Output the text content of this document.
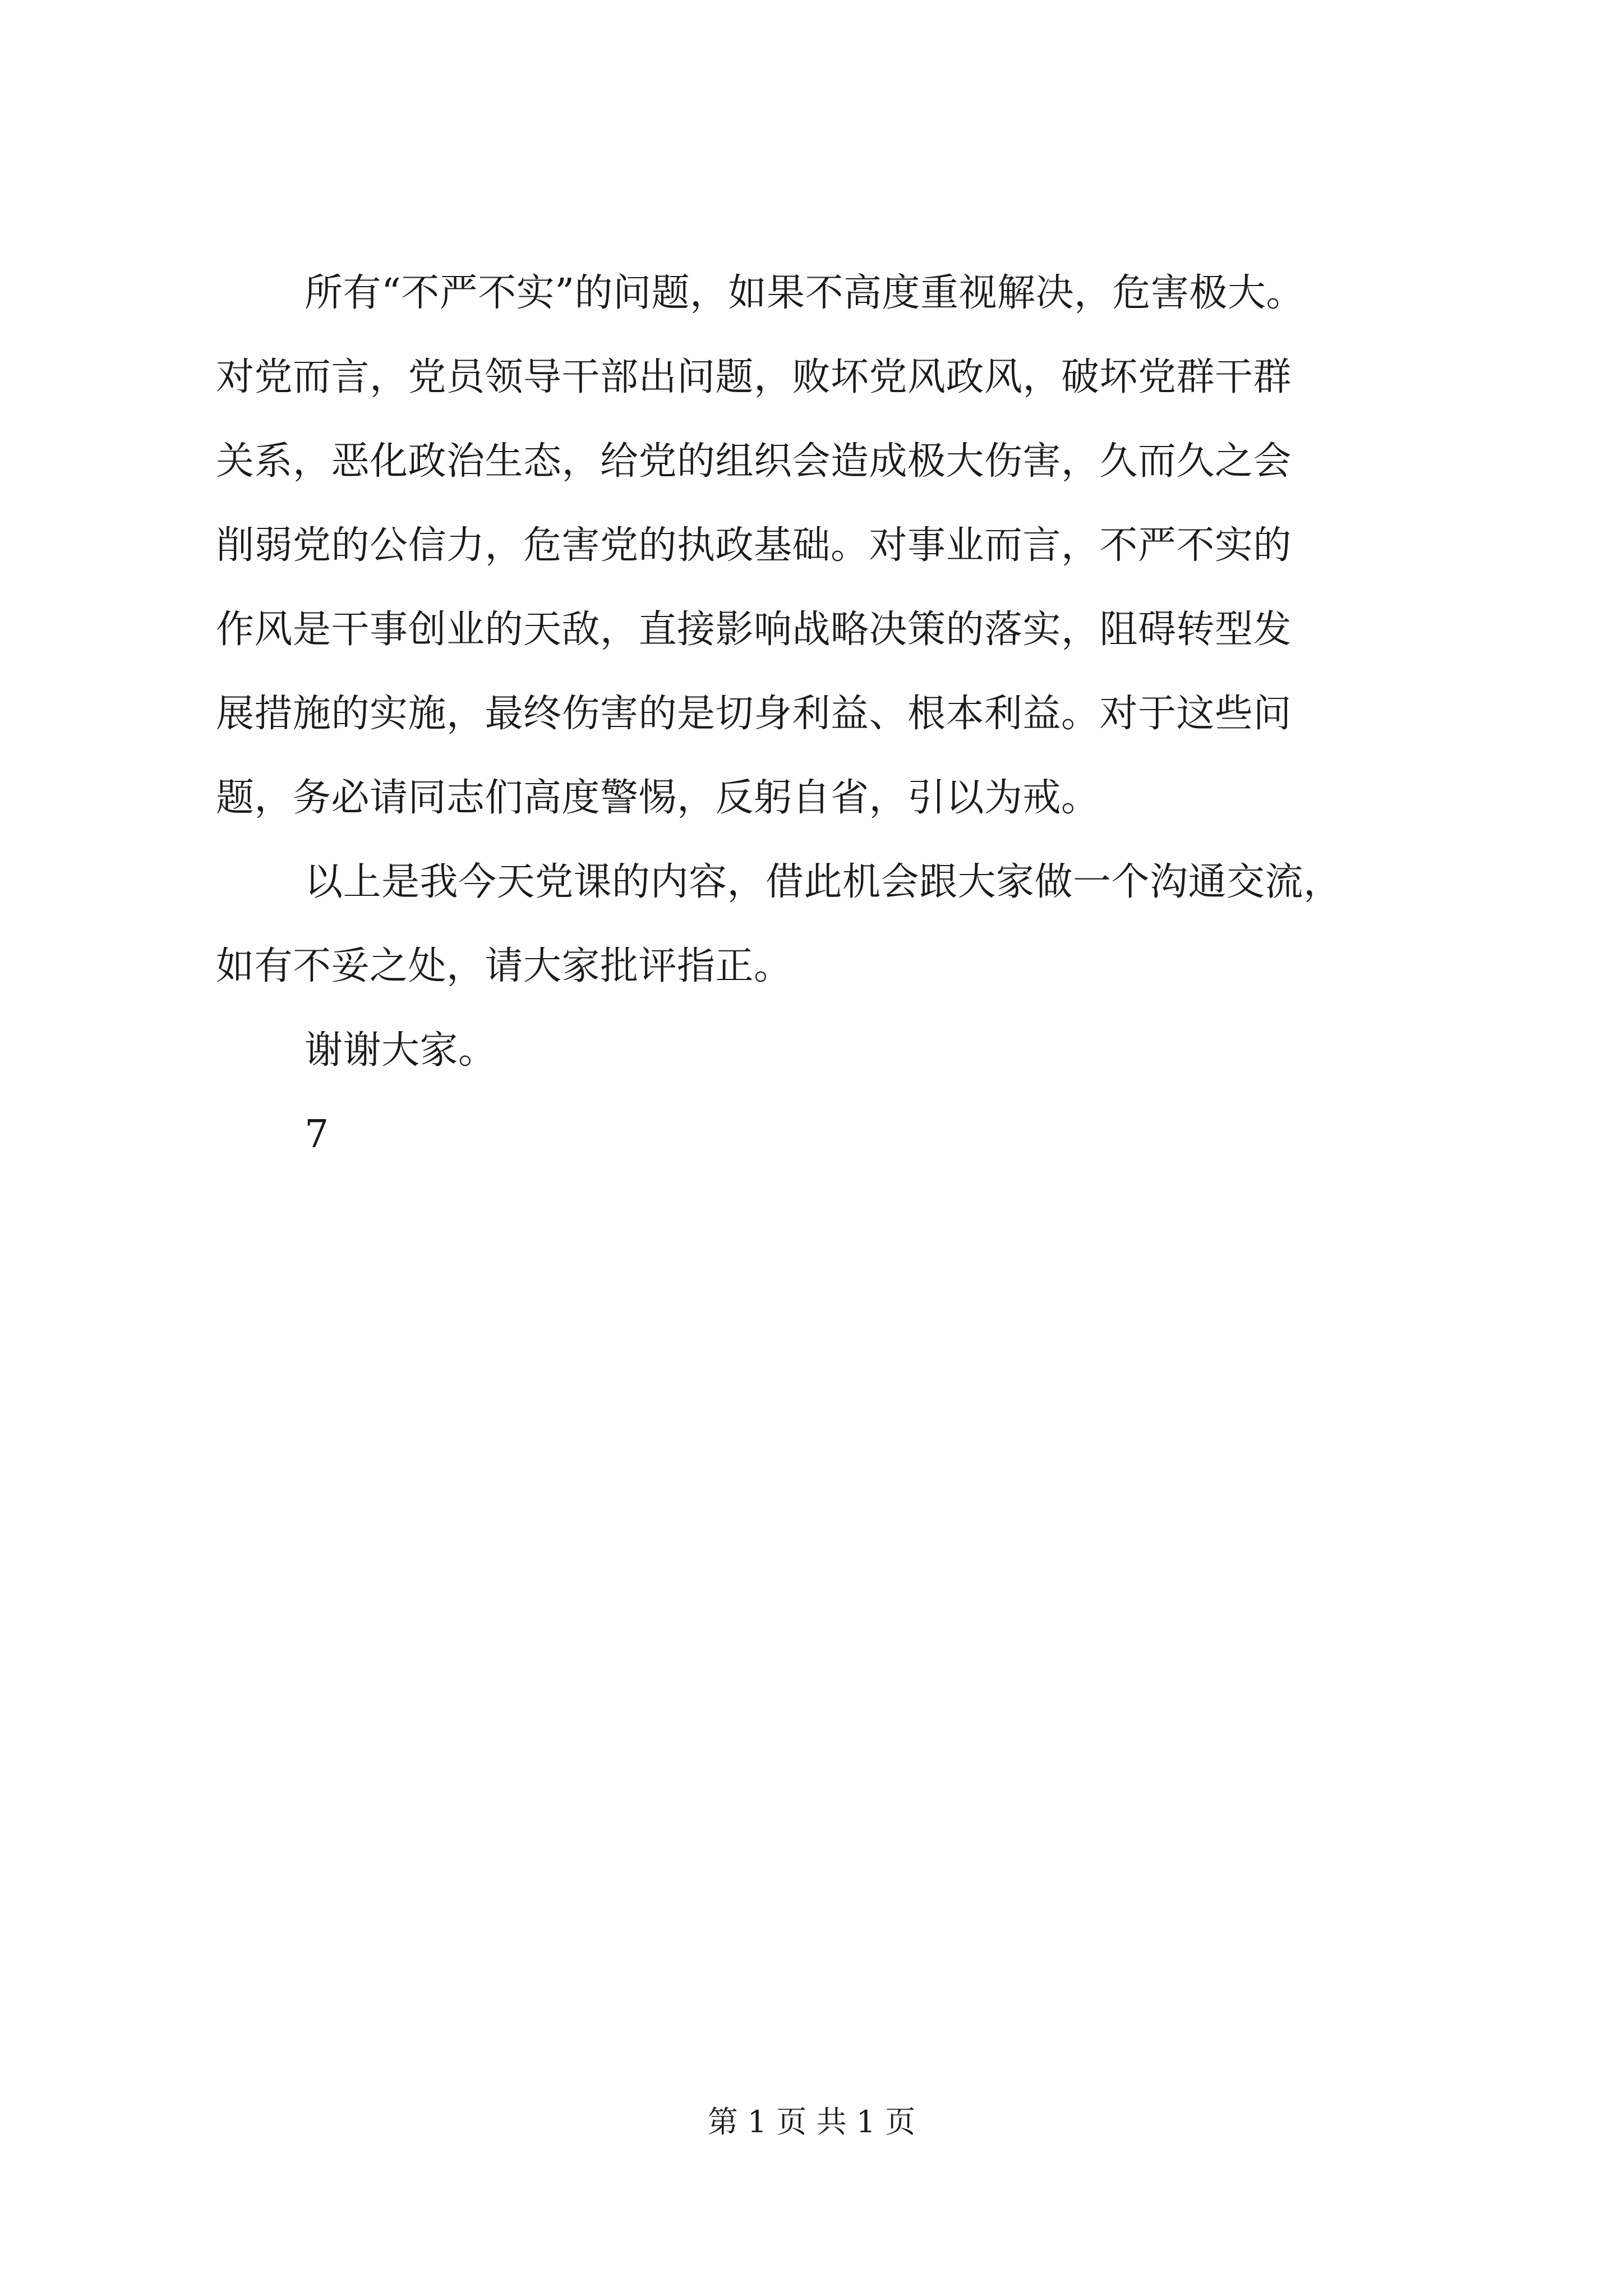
所有“不严不实”的问题，如果不高度重视解决，危害极大。
对党而言，党员领导干部出问题，败坏党风政风，破坏党群干群
关系，恶化政治生态，给党的组织会造成极大伤害，久而久之会
削弱党的公信力，危害党的执政基础。对事业而言，不严不实的
作风是干事创业的天敌，直接影响战略决策的落实，阻碍转型发
展措施的实施，最终伤害的是切身利益、根本利益。对于这些问
题，务必请同志们高度警惕，反躬自省，引以为戒。
以上是我今天党课的内容，借此机会跟大家做一个沟通交流，
如有不妥之处，请大家批评指正。
谢谢大家。
7
第 1 页 共 1 页
